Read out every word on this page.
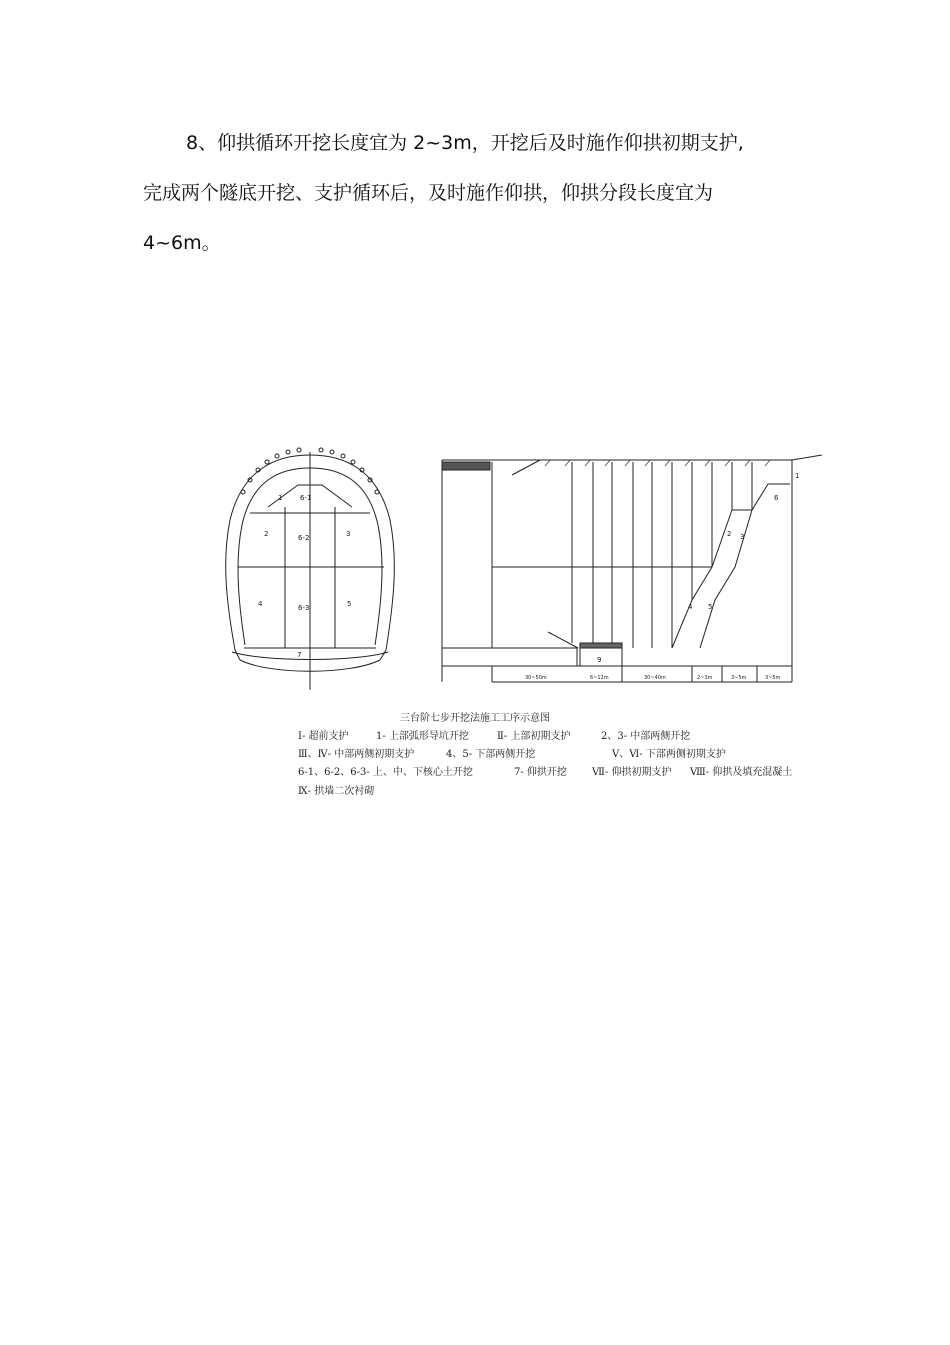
8、仰拱循环开挖长度宜为 2~3m，开挖后及时施作仰拱初期支护,
完成两个隧底开挖、支护循环后，及时施作仰拱，仰拱分段长度宜为
4~6m。
1	6-1
2	6-2	3
4	6-3	5
7
1
6
2 3
4 5
9
30~50m	6~12m	30~40m	2~3m	3~5m	3~5m
三台阶七步开挖法施工工序示意图
Ⅰ- 超前支护	1- 上部弧形导坑开挖	Ⅱ- 上部初期支护	2、3- 中部两侧开挖
Ⅲ、Ⅳ- 中部两侧初期支护	4、5- 下部两侧开挖	Ⅴ、Ⅵ- 下部两侧初期支护
6-1、6-2、6-3- 上、中、下核心土开挖	7- 仰拱开挖	Ⅶ- 仰拱初期支护 Ⅷ- 仰拱及填充混凝土
Ⅸ- 拱墙二次衬砌
